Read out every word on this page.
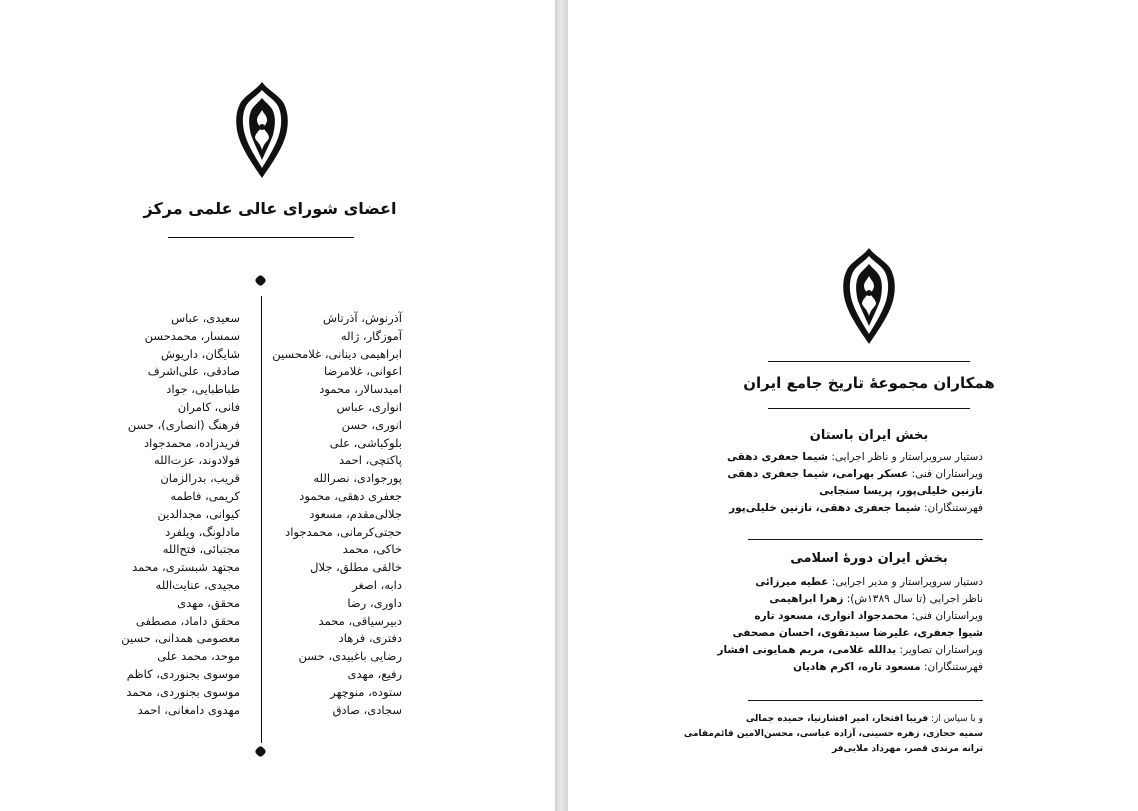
اعضای شورای عالی علمی مرکز
آذرنوش، آذرتاش
آموزگار، ژاله
ابراهیمی دینانی، غلامحسین
اعوانی، غلامرضا
امیدسالار، محمود
انواری، عباس
انوری، حسن
بلوکباشی، علی
پاکتچی، احمد
پورجوادی، نصرالله
جعفری دهقی، محمود
جلالی‌مقدم، مسعود
حجتی‌کرمانی، محمدجواد
خاکی، محمد
خالقی مطلق، جلال
دابه، اصغر
داوری، رضا
دبیرسیاقی، محمد
دفتری، فرهاد
رضایی باغبیدی، حسن
رفیع، مهدی
ستوده، منوچهر
سجادی، صادق
سعیدی، عباس
سمسار، محمدحسن
شایگان، داریوش
صادقی، علی‌اشرف
طباطبایی، جواد
فانی، کامران
فرهنگ (انصاری)، حسن
فریدزاده، محمدجواد
فولادوند، عزت‌الله
قریب، بدرالزمان
کریمی، فاطمه
کیوانی، مجدالدین
مادلونگ، ویلفرد
مجتبائی، فتح‌الله
مجتهد شبستری، محمد
مجیدی، عنایت‌الله
محقق، مهدی
محقق داماد، مصطفی
معصومی همدانی، حسین
موحد، محمد علی
موسوی بجنوردی، کاظم
موسوی بجنوردی، محمد
مهدوی دامغانی، احمد
همکاران مجموعهٔ تاریخ جامع ایران
بخش ایران باستان
دستیار سرویراستار و ناظر اجرایی: شیما جعفری دهقی
ویراستاران فنی: عسکر بهرامی، شیما جعفری دهقی
نازنین خلیلی‌پور، پریسا سنجابی
فهرستنگاران: شیما جعفری دهقی، نازنین خلیلی‌پور
بخش ایران دورهٔ اسلامی
دستیار سرویراستار و مدیر اجرایی: عطیه میرزائی
ناظر اجرایی (تا سال ۱۳۸۹ش): زهرا ابراهیمی
ویراستاران فنی: محمدجواد انواری، مسعود تاره
شیوا جعفری، علیرضا سیدتقوی، احسان مصحفی
ویراستاران تصاویر: یدالله غلامی، مریم همایونی افشار
فهرستنگاران: مسعود تاره، اکرم هادیان
و با سپاس از: فریبا افتخار، امیر افشارنیا، حمیده جمالی
سمیه حجازی، زهره حسینی، آزاده عباسی، محسن‌الامین قائم‌مقامی
ترانه مرندی قصر، مهرداد ملایی‌فر
